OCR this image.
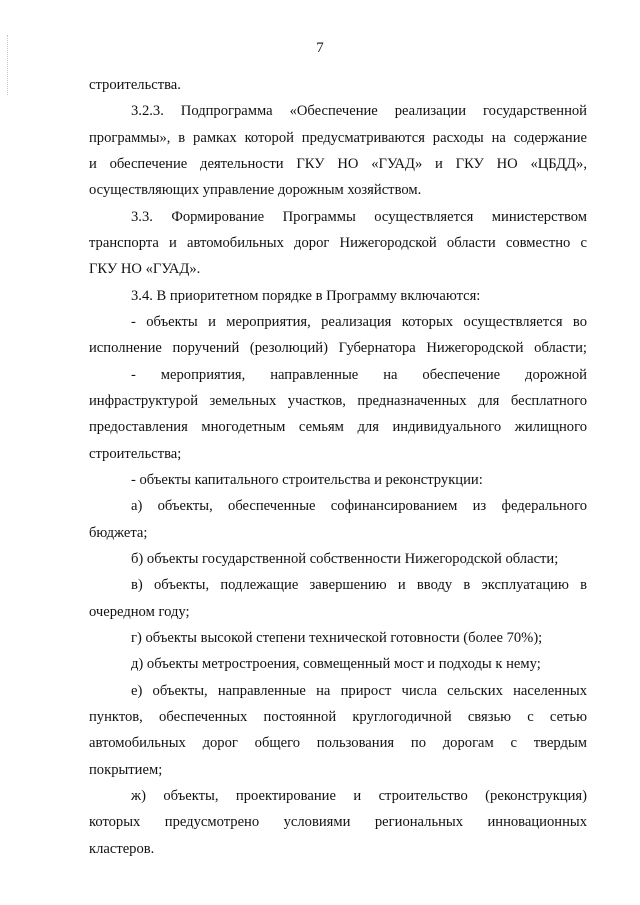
7
строительства.
3.2.3. Подпрограмма «Обеспечение реализации государственной
программы», в рамках которой предусматриваются расходы на содержание
и обеспечение деятельности ГКУ НО «ГУАД» и ГКУ НО «ЦБДД»,
осуществляющих управление дорожным хозяйством.
3.3. Формирование Программы осуществляется министерством
транспорта и автомобильных дорог Нижегородской области совместно с
ГКУ НО «ГУАД».
3.4. В приоритетном порядке в Программу включаются:
- объекты и мероприятия, реализация которых осуществляется во
исполнение поручений (резолюций) Губернатора Нижегородской области;
- мероприятия, направленные на обеспечение дорожной
инфраструктурой земельных участков, предназначенных для бесплатного
предоставления многодетным семьям для индивидуального жилищного
строительства;
- объекты капитального строительства и реконструкции:
а) объекты, обеспеченные софинансированием из федерального
бюджета;
б) объекты государственной собственности Нижегородской области;
в) объекты, подлежащие завершению и вводу в эксплуатацию в
очередном году;
г) объекты высокой степени технической готовности (более 70%);
д) объекты метростроения, совмещенный мост и подходы к нему;
е) объекты, направленные на прирост числа сельских населенных
пунктов, обеспеченных постоянной круглогодичной связью с сетью
автомобильных дорог общего пользования по дорогам с твердым
покрытием;
ж) объекты, проектирование и строительство (реконструкция)
которых предусмотрено условиями региональных инновационных
кластеров.
